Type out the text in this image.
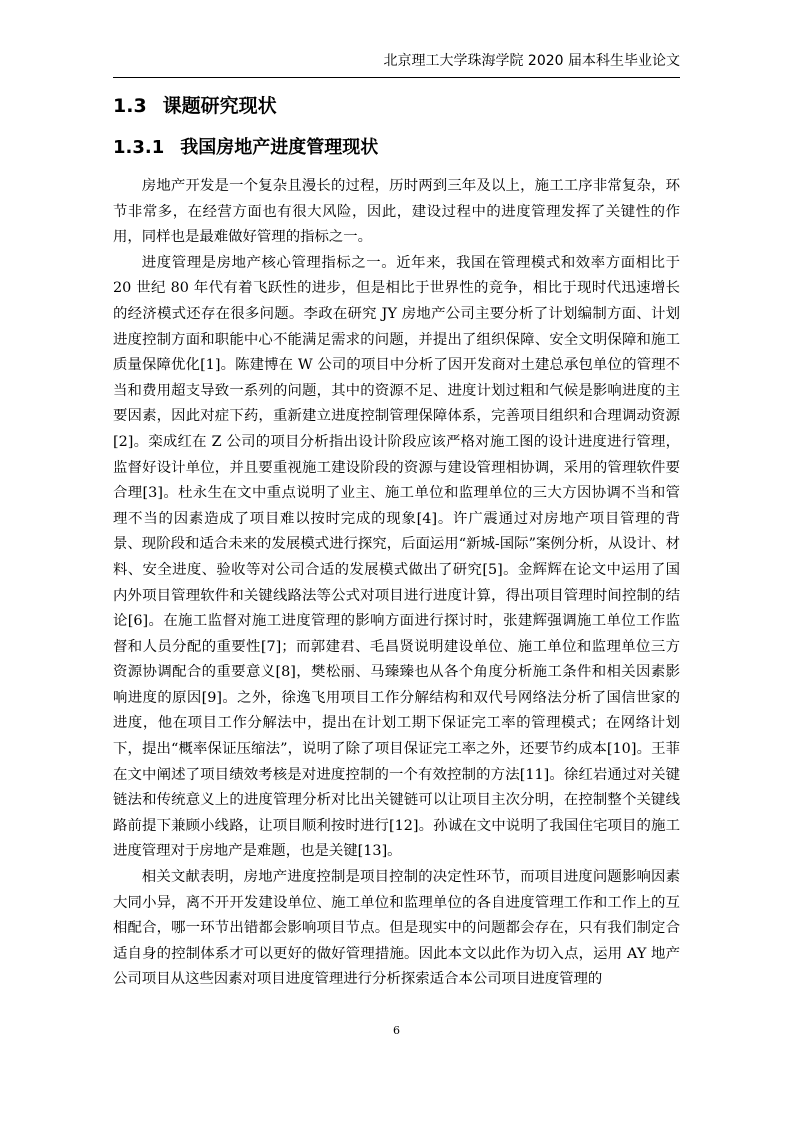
北京理工大学珠海学院 2020 届本科生毕业论文
1.3 课题研究现状
1.3.1 我国房地产进度管理现状

房地产开发是一个复杂且漫长的过程，历时两到三年及以上，施工工序非常复杂，环节非常多，在经营方面也有很大风险，因此，建设过程中的进度管理发挥了关键性的作用，同样也是最难做好管理的指标之一。

进度管理是房地产核心管理指标之一。近年来，我国在管理模式和效率方面相比于 20 世纪 80 年代有着飞跃性的进步，但是相比于世界性的竞争，相比于现时代迅速增长的经济模式还存在很多问题。李政在研究 JY 房地产公司主要分析了计划编制方面、计划进度控制方面和职能中心不能满足需求的问题，并提出了组织保障、安全文明保障和施工质量保障优化[1]。陈建博在 W 公司的项目中分析了因开发商对土建总承包单位的管理不当和费用超支导致一系列的问题，其中的资源不足、进度计划过粗和气候是影响进度的主要因素，因此对症下药，重新建立进度控制管理保障体系，完善项目组织和合理调动资源[2]。栾成红在 Z 公司的项目分析指出设计阶段应该严格对施工图的设计进度进行管理，监督好设计单位，并且要重视施工建设阶段的资源与建设管理相协调，采用的管理软件要合理[3]。杜永生在文中重点说明了业主、施工单位和监理单位的三大方因协调不当和管理不当的因素造成了项目难以按时完成的现象[4]。许广震通过对房地产项目管理的背景、现阶段和适合未来的发展模式进行探究，后面运用“新城-国际”案例分析，从设计、材料、安全进度、验收等对公司合适的发展模式做出了研究[5]。金辉辉在论文中运用了国内外项目管理软件和关键线路法等公式对项目进行进度计算，得出项目管理时间控制的结论[6]。在施工监督对施工进度管理的影响方面进行探讨时，张建辉强调施工单位工作监督和人员分配的重要性[7]；而郭建君、毛昌贤说明建设单位、施工单位和监理单位三方资源协调配合的重要意义[8]，樊松丽、马臻臻也从各个角度分析施工条件和相关因素影响进度的原因[9]。之外，徐逸飞用项目工作分解结构和双代号网络法分析了国信世家的进度，他在项目工作分解法中，提出在计划工期下保证完工率的管理模式；在网络计划下，提出“概率保证压缩法”，说明了除了项目保证完工率之外，还要节约成本[10]。王菲在文中阐述了项目绩效考核是对进度控制的一个有效控制的方法[11]。徐红岩通过对关键链法和传统意义上的进度管理分析对比出关键链可以让项目主次分明，在控制整个关键线路前提下兼顾小线路，让项目顺利按时进行[12]。孙诚在文中说明了我国住宅项目的施工进度管理对于房地产是难题，也是关键[13]。

相关文献表明，房地产进度控制是项目控制的决定性环节，而项目进度问题影响因素大同小异，离不开开发建设单位、施工单位和监理单位的各自进度管理工作和工作上的互相配合，哪一环节出错都会影响项目节点。但是现实中的问题都会存在，只有我们制定合适自身的控制体系才可以更好的做好管理措施。因此本文以此作为切入点，运用 AY 地产公司项目从这些因素对项目进度管理进行分析探索适合本公司项目进度管理的

6
